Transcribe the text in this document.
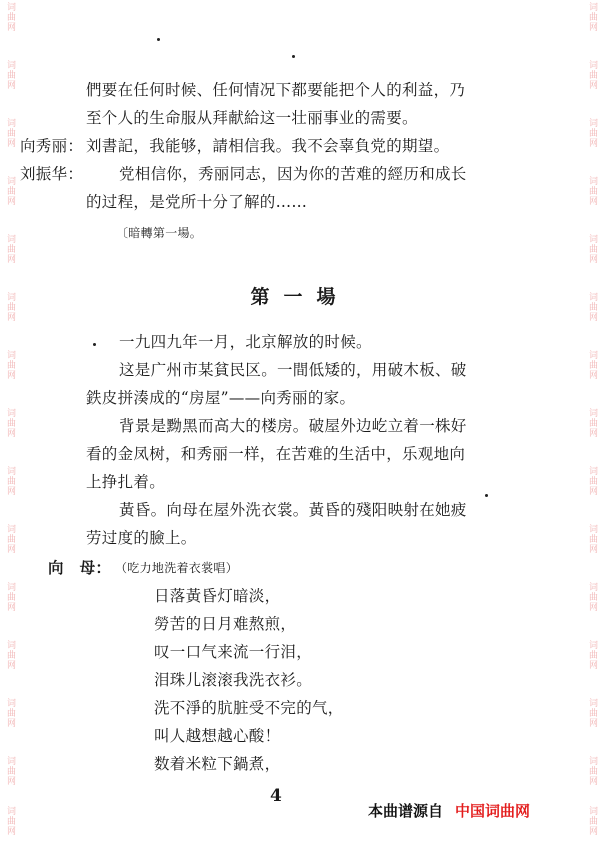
词曲网
词曲网
词曲网
词曲网
词曲网
词曲网
词曲网
词曲网
词曲网
词曲网
词曲网
词曲网
词曲网
词曲网
词曲网
词曲网
词曲网
词曲网
词曲网
词曲网
词曲网
词曲网
词曲网
词曲网
词曲网
词曲网
词曲网
词曲网
词曲网
词曲网
們要在任何时候、任何情况下都要能把个人的利益，乃
至个人的生命服从拜献給这一壮丽事业的需要。
向秀丽： 刘書記，我能够，請相信我。我不会辜負党的期望。
刘振华： 党相信你，秀丽同志，因为你的苦难的經历和成长
的过程，是党所十分了解的……
〔暗轉第一場。
第一場
一九四九年一月，北京解放的时候。
这是广州市某貧民区。一間低矮的，用破木板、破
鉄皮拼湊成的“房屋”——向秀丽的家。
背景是黝黑而高大的楼房。破屋外边屹立着一株好
看的金凤树，和秀丽一样，在苦难的生活中，乐观地向
上挣扎着。
黃昏。向母在屋外洗衣裳。黃昏的殘阳映射在她疲
劳过度的臉上。
向　母： （吃力地洗着衣裳唱）
日落黃昏灯暗淡，
勞苦的日月难熬煎，
叹一口气来流一行泪，
泪珠儿滚滚我洗衣衫。
洗不淨的肮脏受不完的气，
叫人越想越心酸！
数着米粒下鍋煮，
4
本曲谱源自 中国词曲网
